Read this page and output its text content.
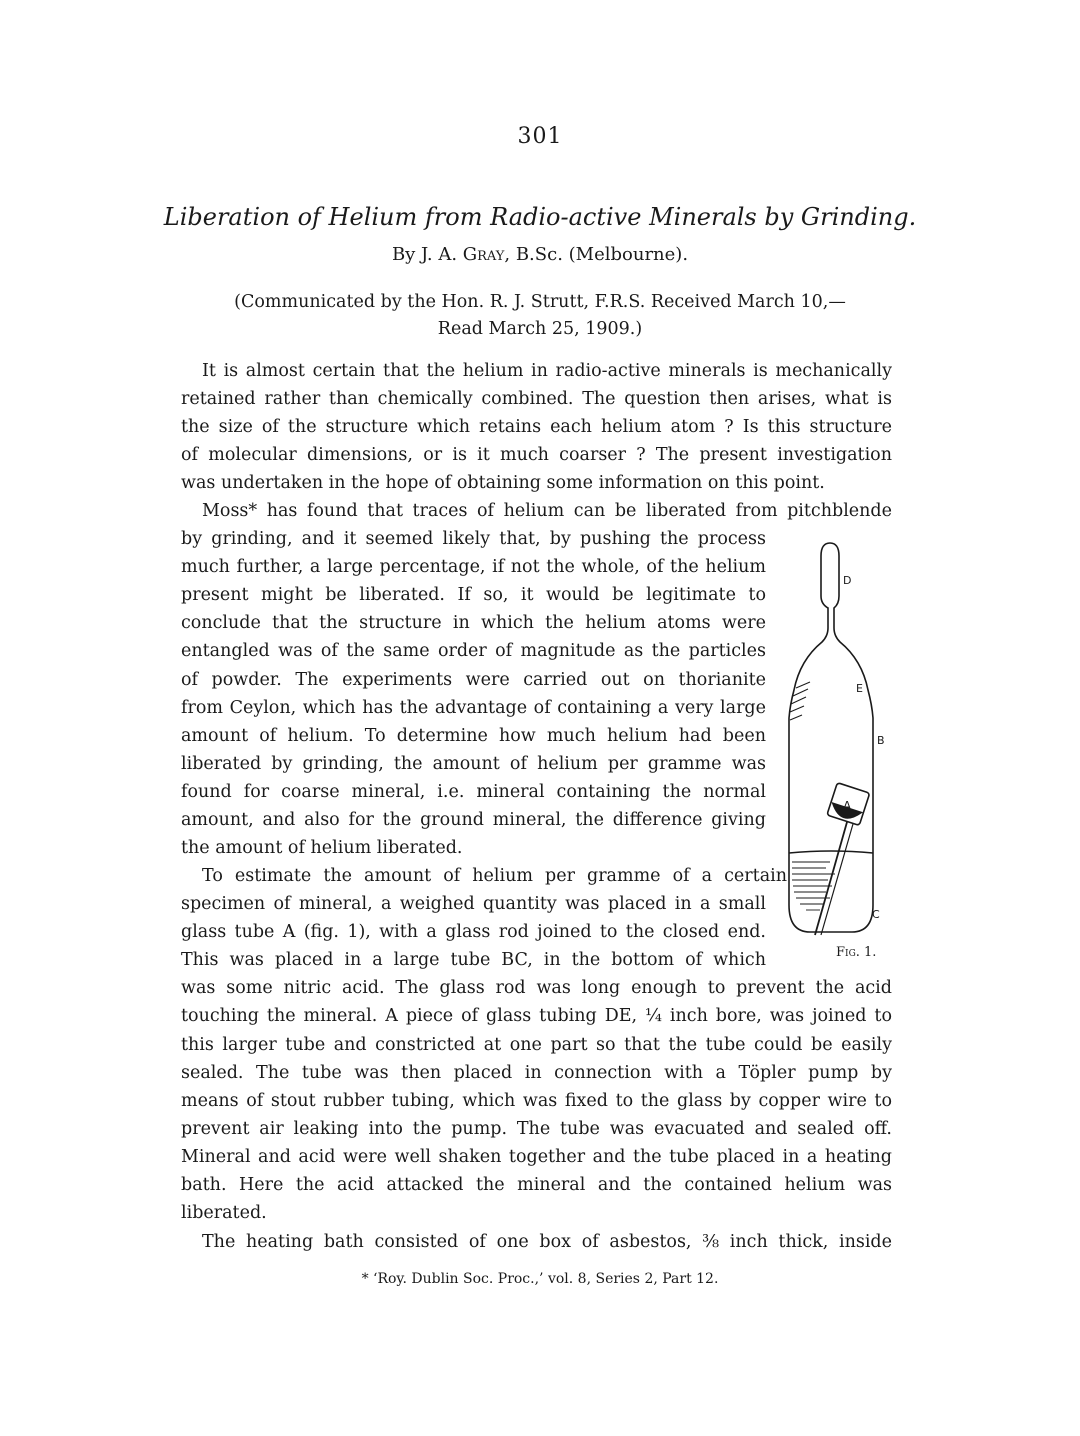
301
Liberation of Helium from Radio-active Minerals by Grinding.
By J. A. Gray, B.Sc. (Melbourne).
(Communicated by the Hon. R. J. Strutt, F.R.S. Received March 10,—
Read March 25, 1909.)
It is almost certain that the helium in radio-active minerals is mechanically
retained rather than chemically combined. The question then arises, what is
the size of the structure which retains each helium atom ? Is this structure
of molecular dimensions, or is it much coarser ? The present investigation
was undertaken in the hope of obtaining some information on this point.
Moss* has found that traces of helium can be liberated from pitchblende
by grinding, and it seemed likely that, by pushing the process
much further, a large percentage, if not the whole, of the helium
present might be liberated. If so, it would be legitimate to
conclude that the structure in which the helium atoms were
entangled was of the same order of magnitude as the particles
of powder. The experiments were carried out on thorianite
from Ceylon, which has the advantage of containing a very large
amount of helium. To determine how much helium had been
liberated by grinding, the amount of helium per gramme was
found for coarse mineral, i.e. mineral containing the normal
amount, and also for the ground mineral, the difference giving
the amount of helium liberated.
To estimate the amount of helium per gramme of a certain
specimen of mineral, a weighed quantity was placed in a small
glass tube A (fig. 1), with a glass rod joined to the closed end.
This was placed in a large tube BC, in the bottom of which
was some nitric acid. The glass rod was long enough to prevent the acid
touching the mineral. A piece of glass tubing DE, ¼ inch bore, was joined to
this larger tube and constricted at one part so that the tube could be easily
sealed. The tube was then placed in connection with a Töpler pump by
means of stout rubber tubing, which was fixed to the glass by copper wire to
prevent air leaking into the pump. The tube was evacuated and sealed off.
Mineral and acid were well shaken together and the tube placed in a heating
bath. Here the acid attacked the mineral and the contained helium was
liberated.
The heating bath consisted of one box of asbestos, ⅜ inch thick, inside
D
E
B
A
C
Fig. 1.
* ‘Roy. Dublin Soc. Proc.,’ vol. 8, Series 2, Part 12.
